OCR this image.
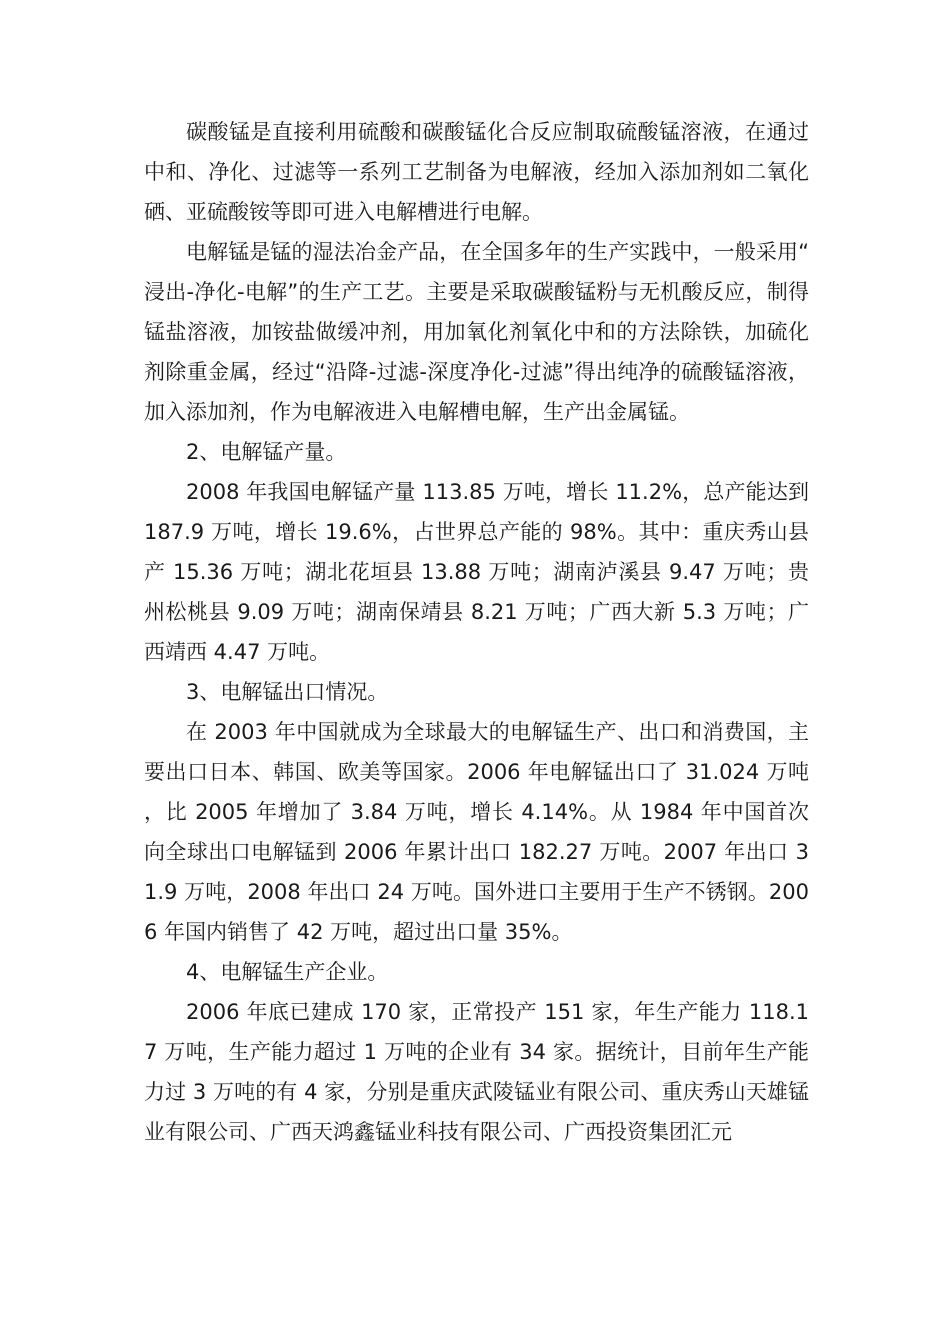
碳酸锰是直接利用硫酸和碳酸锰化合反应制取硫酸锰溶液，在通过中和、净化、过滤等一系列工艺制备为电解液，经加入添加剂如二氧化硒、亚硫酸铵等即可进入电解槽进行电解。

电解锰是锰的湿法冶金产品，在全国多年的生产实践中，一般采用“浸出-净化-电解”的生产工艺。主要是采取碳酸锰粉与无机酸反应，制得锰盐溶液，加铵盐做缓冲剂，用加氧化剂氧化中和的方法除铁，加硫化剂除重金属，经过“沿降-过滤-深度净化-过滤”得出纯净的硫酸锰溶液，加入添加剂，作为电解液进入电解槽电解，生产出金属锰。

2、电解锰产量。

2008 年我国电解锰产量 113.85 万吨，增长 11.2%，总产能达到 187.9 万吨，增长 19.6%，占世界总产能的 98%。其中：重庆秀山县产 15.36 万吨；湖北花垣县 13.88 万吨；湖南泸溪县 9.47 万吨；贵州松桃县 9.09 万吨；湖南保靖县 8.21 万吨；广西大新 5.3 万吨；广西靖西 4.47 万吨。

3、电解锰出口情况。

在 2003 年中国就成为全球最大的电解锰生产、出口和消费国，主要出口日本、韩国、欧美等国家。2006 年电解锰出口了 31.024 万吨，比 2005 年增加了 3.84 万吨，增长 4.14%。从 1984 年中国首次向全球出口电解锰到 2006 年累计出口 182.27 万吨。2007 年出口 31.9 万吨，2008 年出口 24 万吨。国外进口主要用于生产不锈钢。2006 年国内销售了 42 万吨，超过出口量 35%。

4、电解锰生产企业。

2006 年底已建成 170 家，正常投产 151 家，年生产能力 118.17 万吨，生产能力超过 1 万吨的企业有 34 家。据统计，目前年生产能力过 3 万吨的有 4 家，分别是重庆武陵锰业有限公司、重庆秀山天雄锰业有限公司、广西天鸿鑫锰业科技有限公司、广西投资集团汇元
